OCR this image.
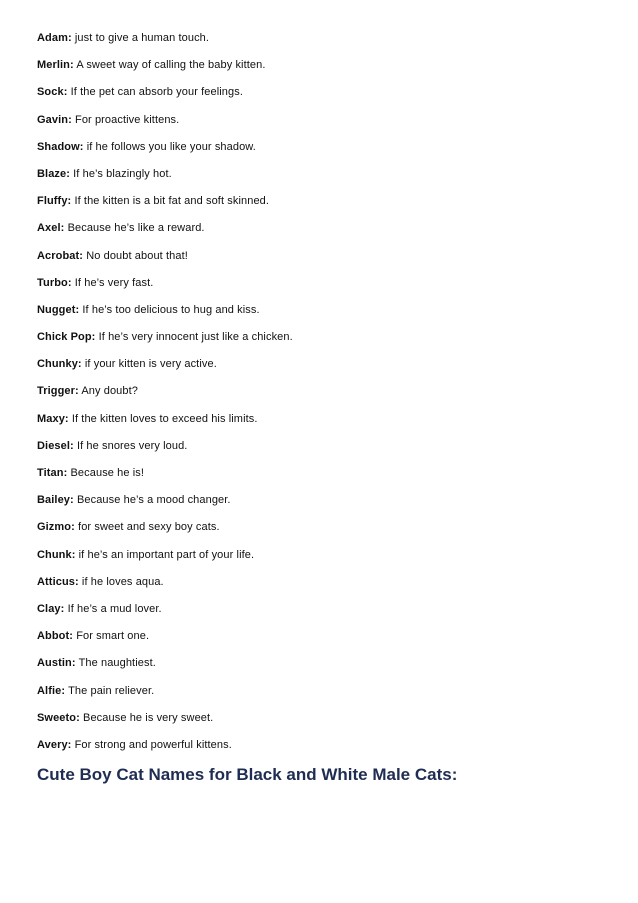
Adam: just to give a human touch.
Merlin: A sweet way of calling the baby kitten.
Sock: If the pet can absorb your feelings.
Gavin: For proactive kittens.
Shadow: if he follows you like your shadow.
Blaze: If he’s blazingly hot.
Fluffy: If the kitten is a bit fat and soft skinned.
Axel: Because he’s like a reward.
Acrobat: No doubt about that!
Turbo: If he’s very fast.
Nugget: If he’s too delicious to hug and kiss.
Chick Pop: If he’s very innocent just like a chicken.
Chunky: if your kitten is very active.
Trigger: Any doubt?
Maxy: If the kitten loves to exceed his limits.
Diesel: If he snores very loud.
Titan: Because he is!
Bailey: Because he’s a mood changer.
Gizmo: for sweet and sexy boy cats.
Chunk: if he’s an important part of your life.
Atticus: if he loves aqua.
Clay: If he’s a mud lover.
Abbot: For smart one.
Austin: The naughtiest.
Alfie: The pain reliever.
Sweeto: Because he is very sweet.
Avery: For strong and powerful kittens.
Cute Boy Cat Names for Black and White Male Cats:
